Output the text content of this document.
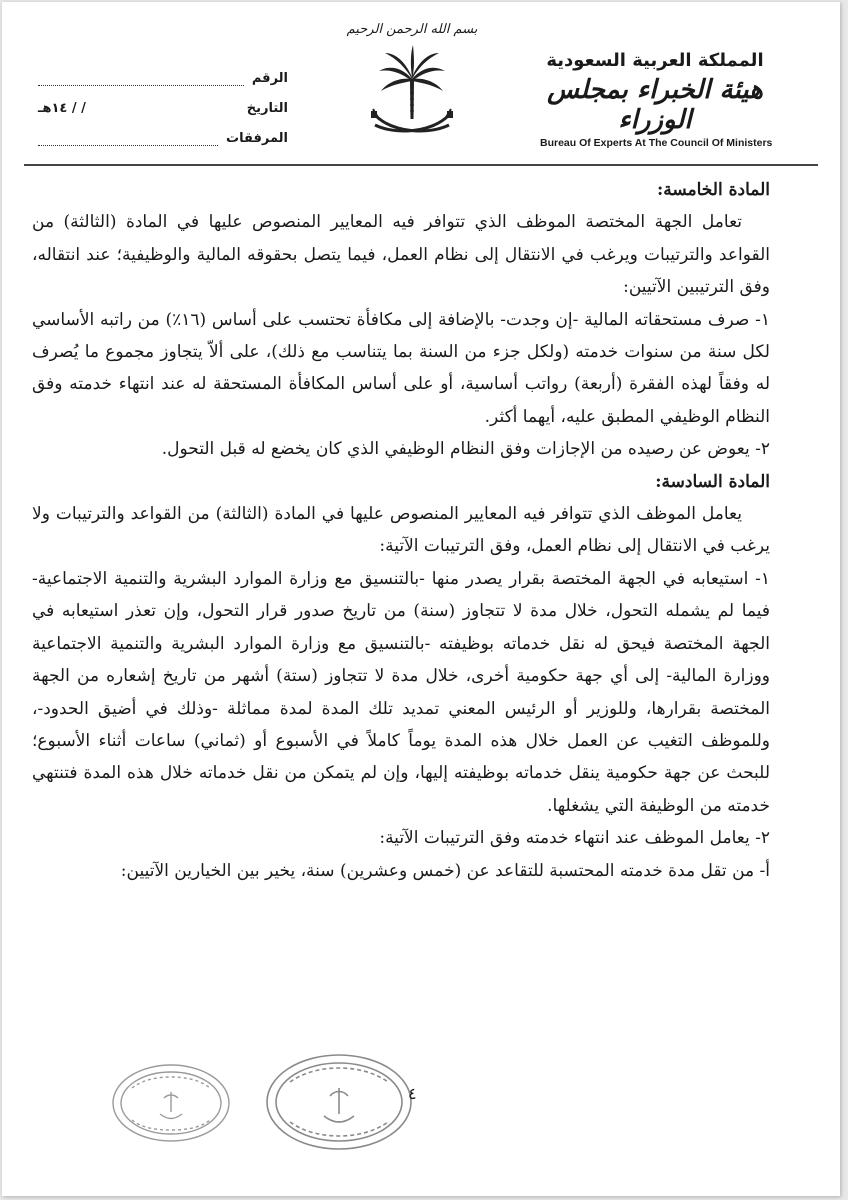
المملكة العربية السعودية
هيئة الخبراء بمجلس الوزراء
Bureau Of Experts At The Council Of Ministers
بسم الله الرحمن الرحيم
الرقم
التاريخ
/ / ١٤هـ
المرفقات

المادة الخامسة:

تعامل الجهة المختصة الموظف الذي تتوافر فيه المعايير المنصوص عليها في المادة (الثالثة) من القواعد والترتيبات ويرغب في الانتقال إلى نظام العمل، فيما يتصل بحقوقه المالية والوظيفية؛ عند انتقاله، وفق الترتيبين الآتيين:

١- صرف مستحقاته المالية -إن وجدت- بالإضافة إلى مكافأة تحتسب على أساس (١٦٪) من راتبه الأساسي لكل سنة من سنوات خدمته (ولكل جزء من السنة بما يتناسب مع ذلك)، على ألاّ يتجاوز مجموع ما يُصرف له وفقاً لهذه الفقرة (أربعة) رواتب أساسية، أو على أساس المكافأة المستحقة له عند انتهاء خدمته وفق النظام الوظيفي المطبق عليه، أيهما أكثر.

٢- يعوض عن رصيده من الإجازات وفق النظام الوظيفي الذي كان يخضع له قبل التحول.

المادة السادسة:

يعامل الموظف الذي تتوافر فيه المعايير المنصوص عليها في المادة (الثالثة) من القواعد والترتيبات ولا يرغب في الانتقال إلى نظام العمل، وفق الترتيبات الآتية:

١- استيعابه في الجهة المختصة بقرار يصدر منها -بالتنسيق مع وزارة الموارد البشرية والتنمية الاجتماعية- فيما لم يشمله التحول، خلال مدة لا تتجاوز (سنة) من تاريخ صدور قرار التحول، وإن تعذر استيعابه في الجهة المختصة فيحق له نقل خدماته بوظيفته -بالتنسيق مع وزارة الموارد البشرية والتنمية الاجتماعية ووزارة المالية- إلى أي جهة حكومية أخرى، خلال مدة لا تتجاوز (ستة) أشهر من تاريخ إشعاره من الجهة المختصة بقرارها، وللوزير أو الرئيس المعني تمديد تلك المدة لمدة مماثلة -وذلك في أضيق الحدود-، وللموظف التغيب عن العمل خلال هذه المدة يوماً كاملاً في الأسبوع أو (ثماني) ساعات أثناء الأسبوع؛ للبحث عن جهة حكومية ينقل خدماته بوظيفته إليها، وإن لم يتمكن من نقل خدماته خلال هذه المدة فتنتهي خدمته من الوظيفة التي يشغلها.

٢- يعامل الموظف عند انتهاء خدمته وفق الترتيبات الآتية:

أ- من تقل مدة خدمته المحتسبة للتقاعد عن (خمس وعشرين) سنة، يخير بين الخيارين الآتيين:

٤
